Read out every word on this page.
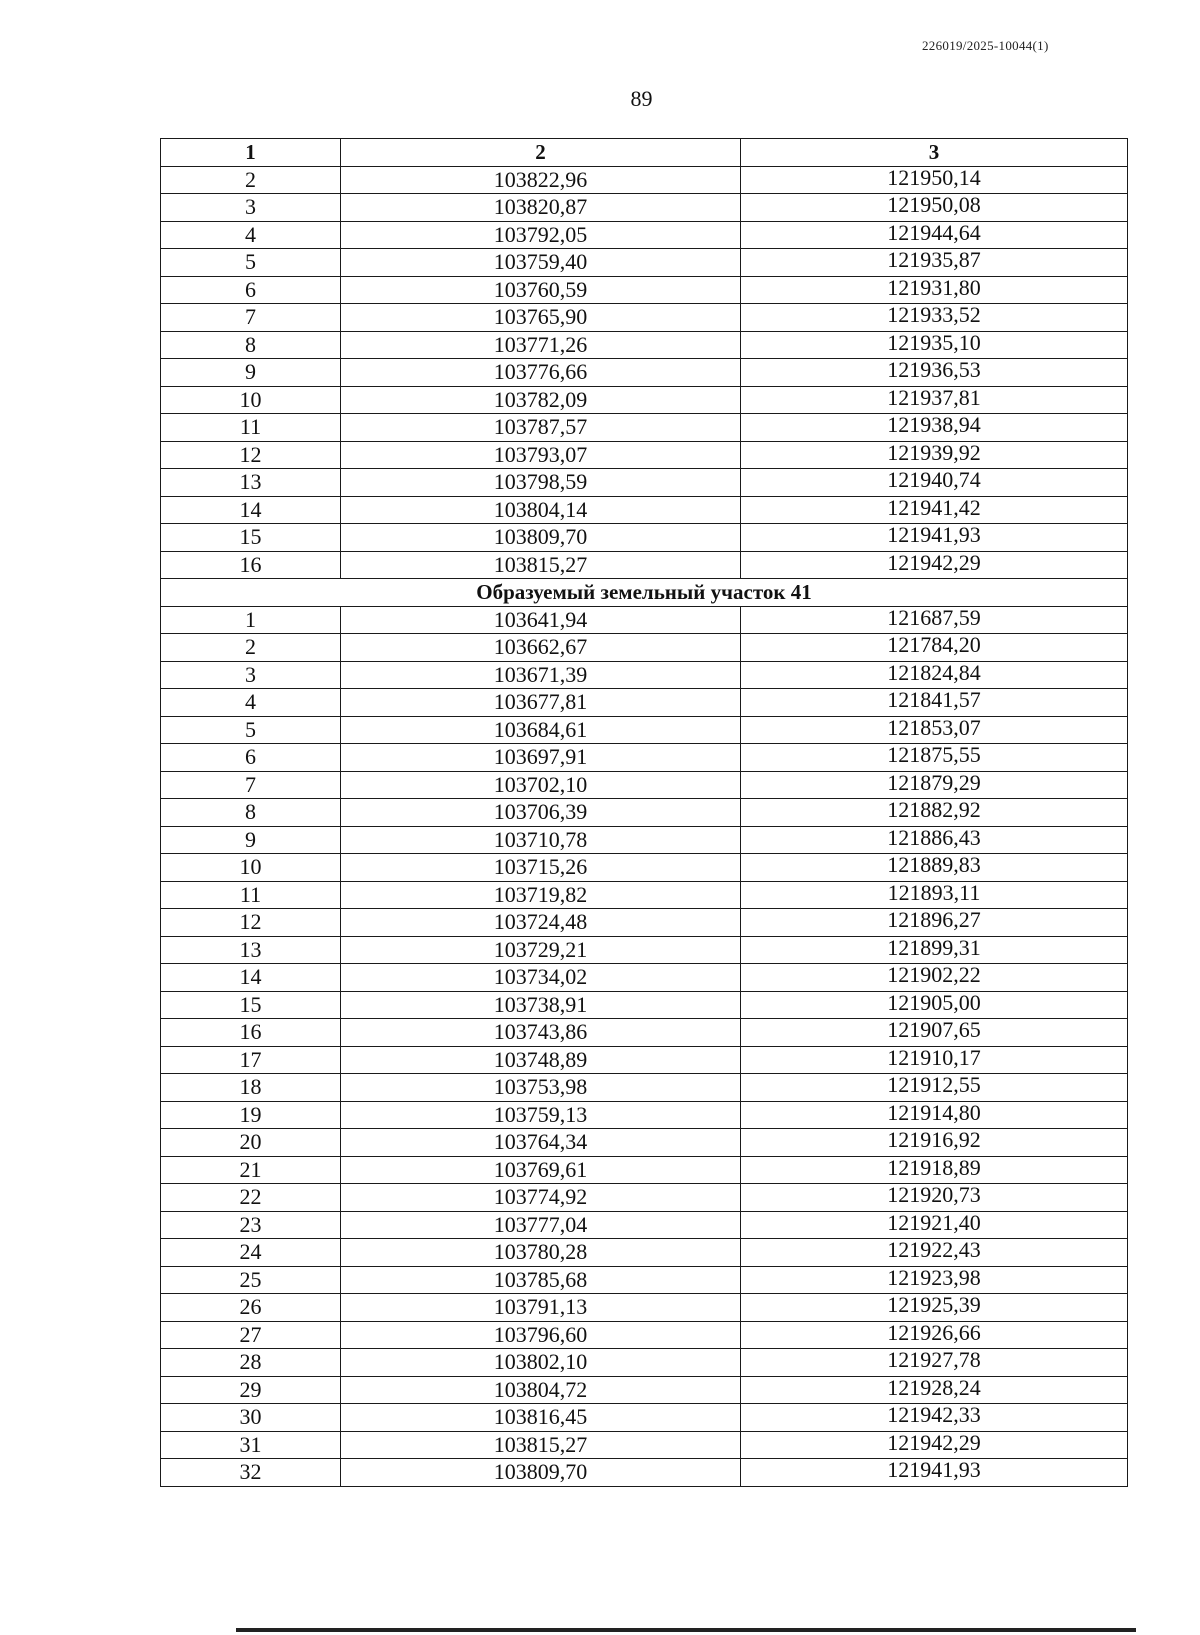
226019/2025-10044(1)
89
1	2	3
2	103822,96	121950,14
3	103820,87	121950,08
4	103792,05	121944,64
5	103759,40	121935,87
6	103760,59	121931,80
7	103765,90	121933,52
8	103771,26	121935,10
9	103776,66	121936,53
10	103782,09	121937,81
11	103787,57	121938,94
12	103793,07	121939,92
13	103798,59	121940,74
14	103804,14	121941,42
15	103809,70	121941,93
16	103815,27	121942,29
Образуемый земельный участок 41		
1	103641,94	121687,59
2	103662,67	121784,20
3	103671,39	121824,84
4	103677,81	121841,57
5	103684,61	121853,07
6	103697,91	121875,55
7	103702,10	121879,29
8	103706,39	121882,92
9	103710,78	121886,43
10	103715,26	121889,83
11	103719,82	121893,11
12	103724,48	121896,27
13	103729,21	121899,31
14	103734,02	121902,22
15	103738,91	121905,00
16	103743,86	121907,65
17	103748,89	121910,17
18	103753,98	121912,55
19	103759,13	121914,80
20	103764,34	121916,92
21	103769,61	121918,89
22	103774,92	121920,73
23	103777,04	121921,40
24	103780,28	121922,43
25	103785,68	121923,98
26	103791,13	121925,39
27	103796,60	121926,66
28	103802,10	121927,78
29	103804,72	121928,24
30	103816,45	121942,33
31	103815,27	121942,29
32	103809,70	121941,93
